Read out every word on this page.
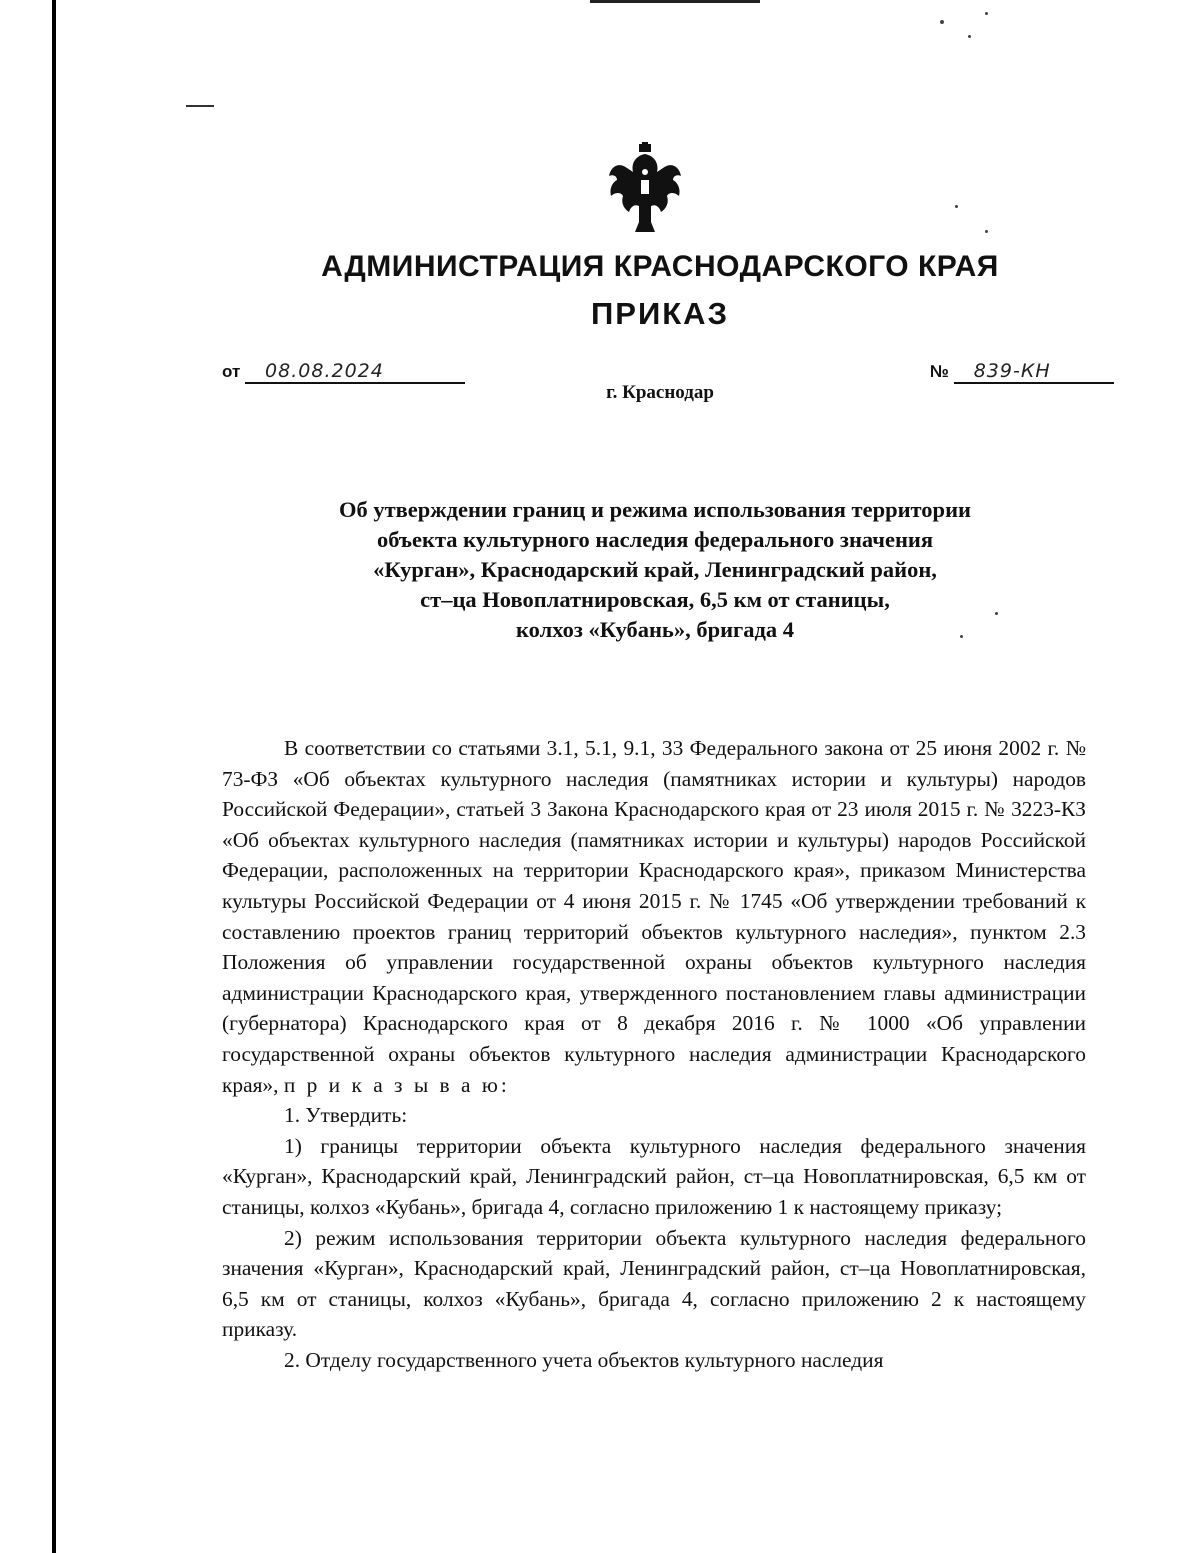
АДМИНИСТРАЦИЯ КРАСНОДАРСКОГО КРАЯ
ПРИКАЗ
от 08.08.2024
г. Краснодар
№ 839-КН
Об утверждении границ и режима использования территории
объекта культурного наследия федерального значения
«Курган», Краснодарский край, Ленинградский район,
ст–ца Новоплатнировская, 6,5 км от станицы,
колхоз «Кубань», бригада 4

В соответствии со статьями 3.1, 5.1, 9.1, 33 Федерального закона от 25 июня 2002 г. № 73-ФЗ «Об объектах культурного наследия (памятниках истории и культуры) народов Российской Федерации», статьей 3 Закона Краснодарского края от 23 июля 2015 г. № 3223-КЗ «Об объектах культурного наследия (памятниках истории и культуры) народов Российской Федерации, расположенных на территории Краснодарского края», приказом Министерства культуры Российской Федерации от 4 июня 2015 г. № 1745 «Об утверждении требований к составлению проектов границ территорий объектов культурного наследия», пунктом 2.3 Положения об управлении государственной охраны объектов культурного наследия администрации Краснодарского края, утвержденного постановлением главы администрации (губернатора) Краснодарского края от 8 декабря 2016 г. № 1000 «Об управлении государственной охраны объектов культурного наследия администрации Краснодарского края», п р и к а з ы в а ю:

1. Утвердить:

1) границы территории объекта культурного наследия федерального значения «Курган», Краснодарский край, Ленинградский район, ст–ца Новоплатнировская, 6,5 км от станицы, колхоз «Кубань», бригада 4, согласно приложению 1 к настоящему приказу;

2) режим использования территории объекта культурного наследия федерального значения «Курган», Краснодарский край, Ленинградский район, ст–ца Новоплатнировская, 6,5 км от станицы, колхоз «Кубань», бригада 4, согласно приложению 2 к настоящему приказу.

2. Отделу государственного учета объектов культурного наследия
